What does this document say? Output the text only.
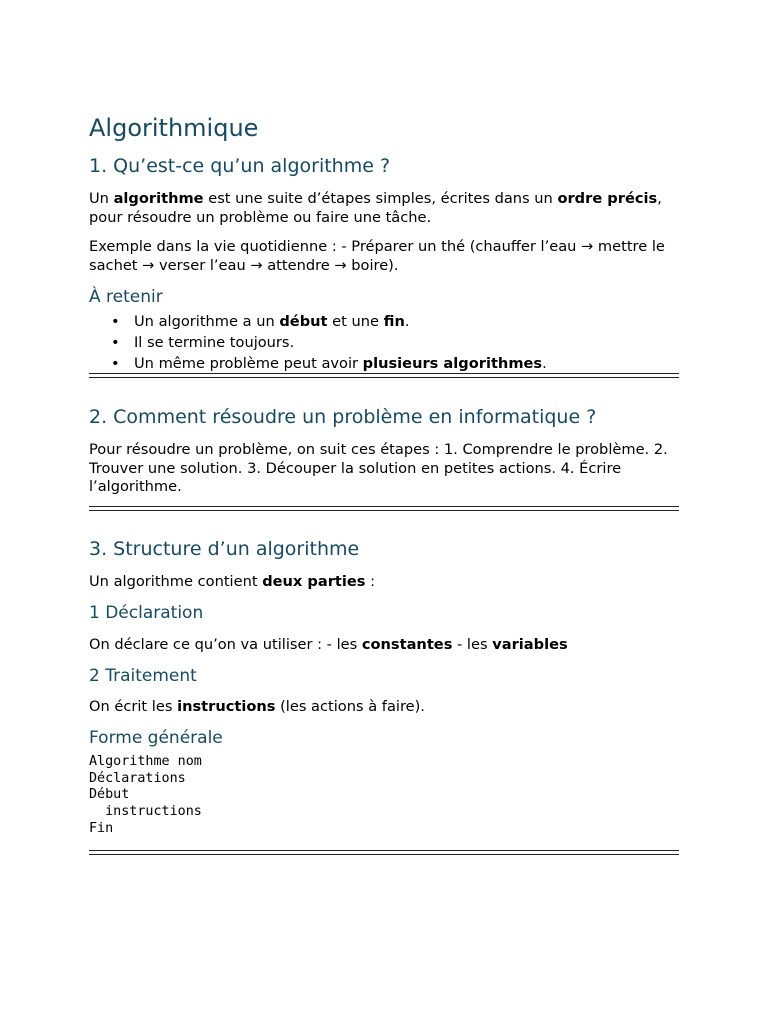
Algorithmique
1. Qu’est-ce qu’un algorithme ?

Un algorithme est une suite d’étapes simples, écrites dans un ordre précis, pour résoudre un problème ou faire une tâche.

Exemple dans la vie quotidienne : - Préparer un thé (chauffer l’eau → mettre le sachet → verser l’eau → attendre → boire).

À retenir
• Un algorithme a un début et une fin.
• Il se termine toujours.
• Un même problème peut avoir plusieurs algorithmes.
2. Comment résoudre un problème en informatique ?

Pour résoudre un problème, on suit ces étapes : 1. Comprendre le problème. 2. Trouver une solution. 3. Découper la solution en petites actions. 4. Écrire l’algorithme.

3. Structure d’un algorithme

Un algorithme contient deux parties :

1 Déclaration

On déclare ce qu’on va utiliser : - les constantes - les variables

2 Traitement

On écrit les instructions (les actions à faire).

Forme générale
Algorithme nom
Déclarations
Début
instructions
Fin
